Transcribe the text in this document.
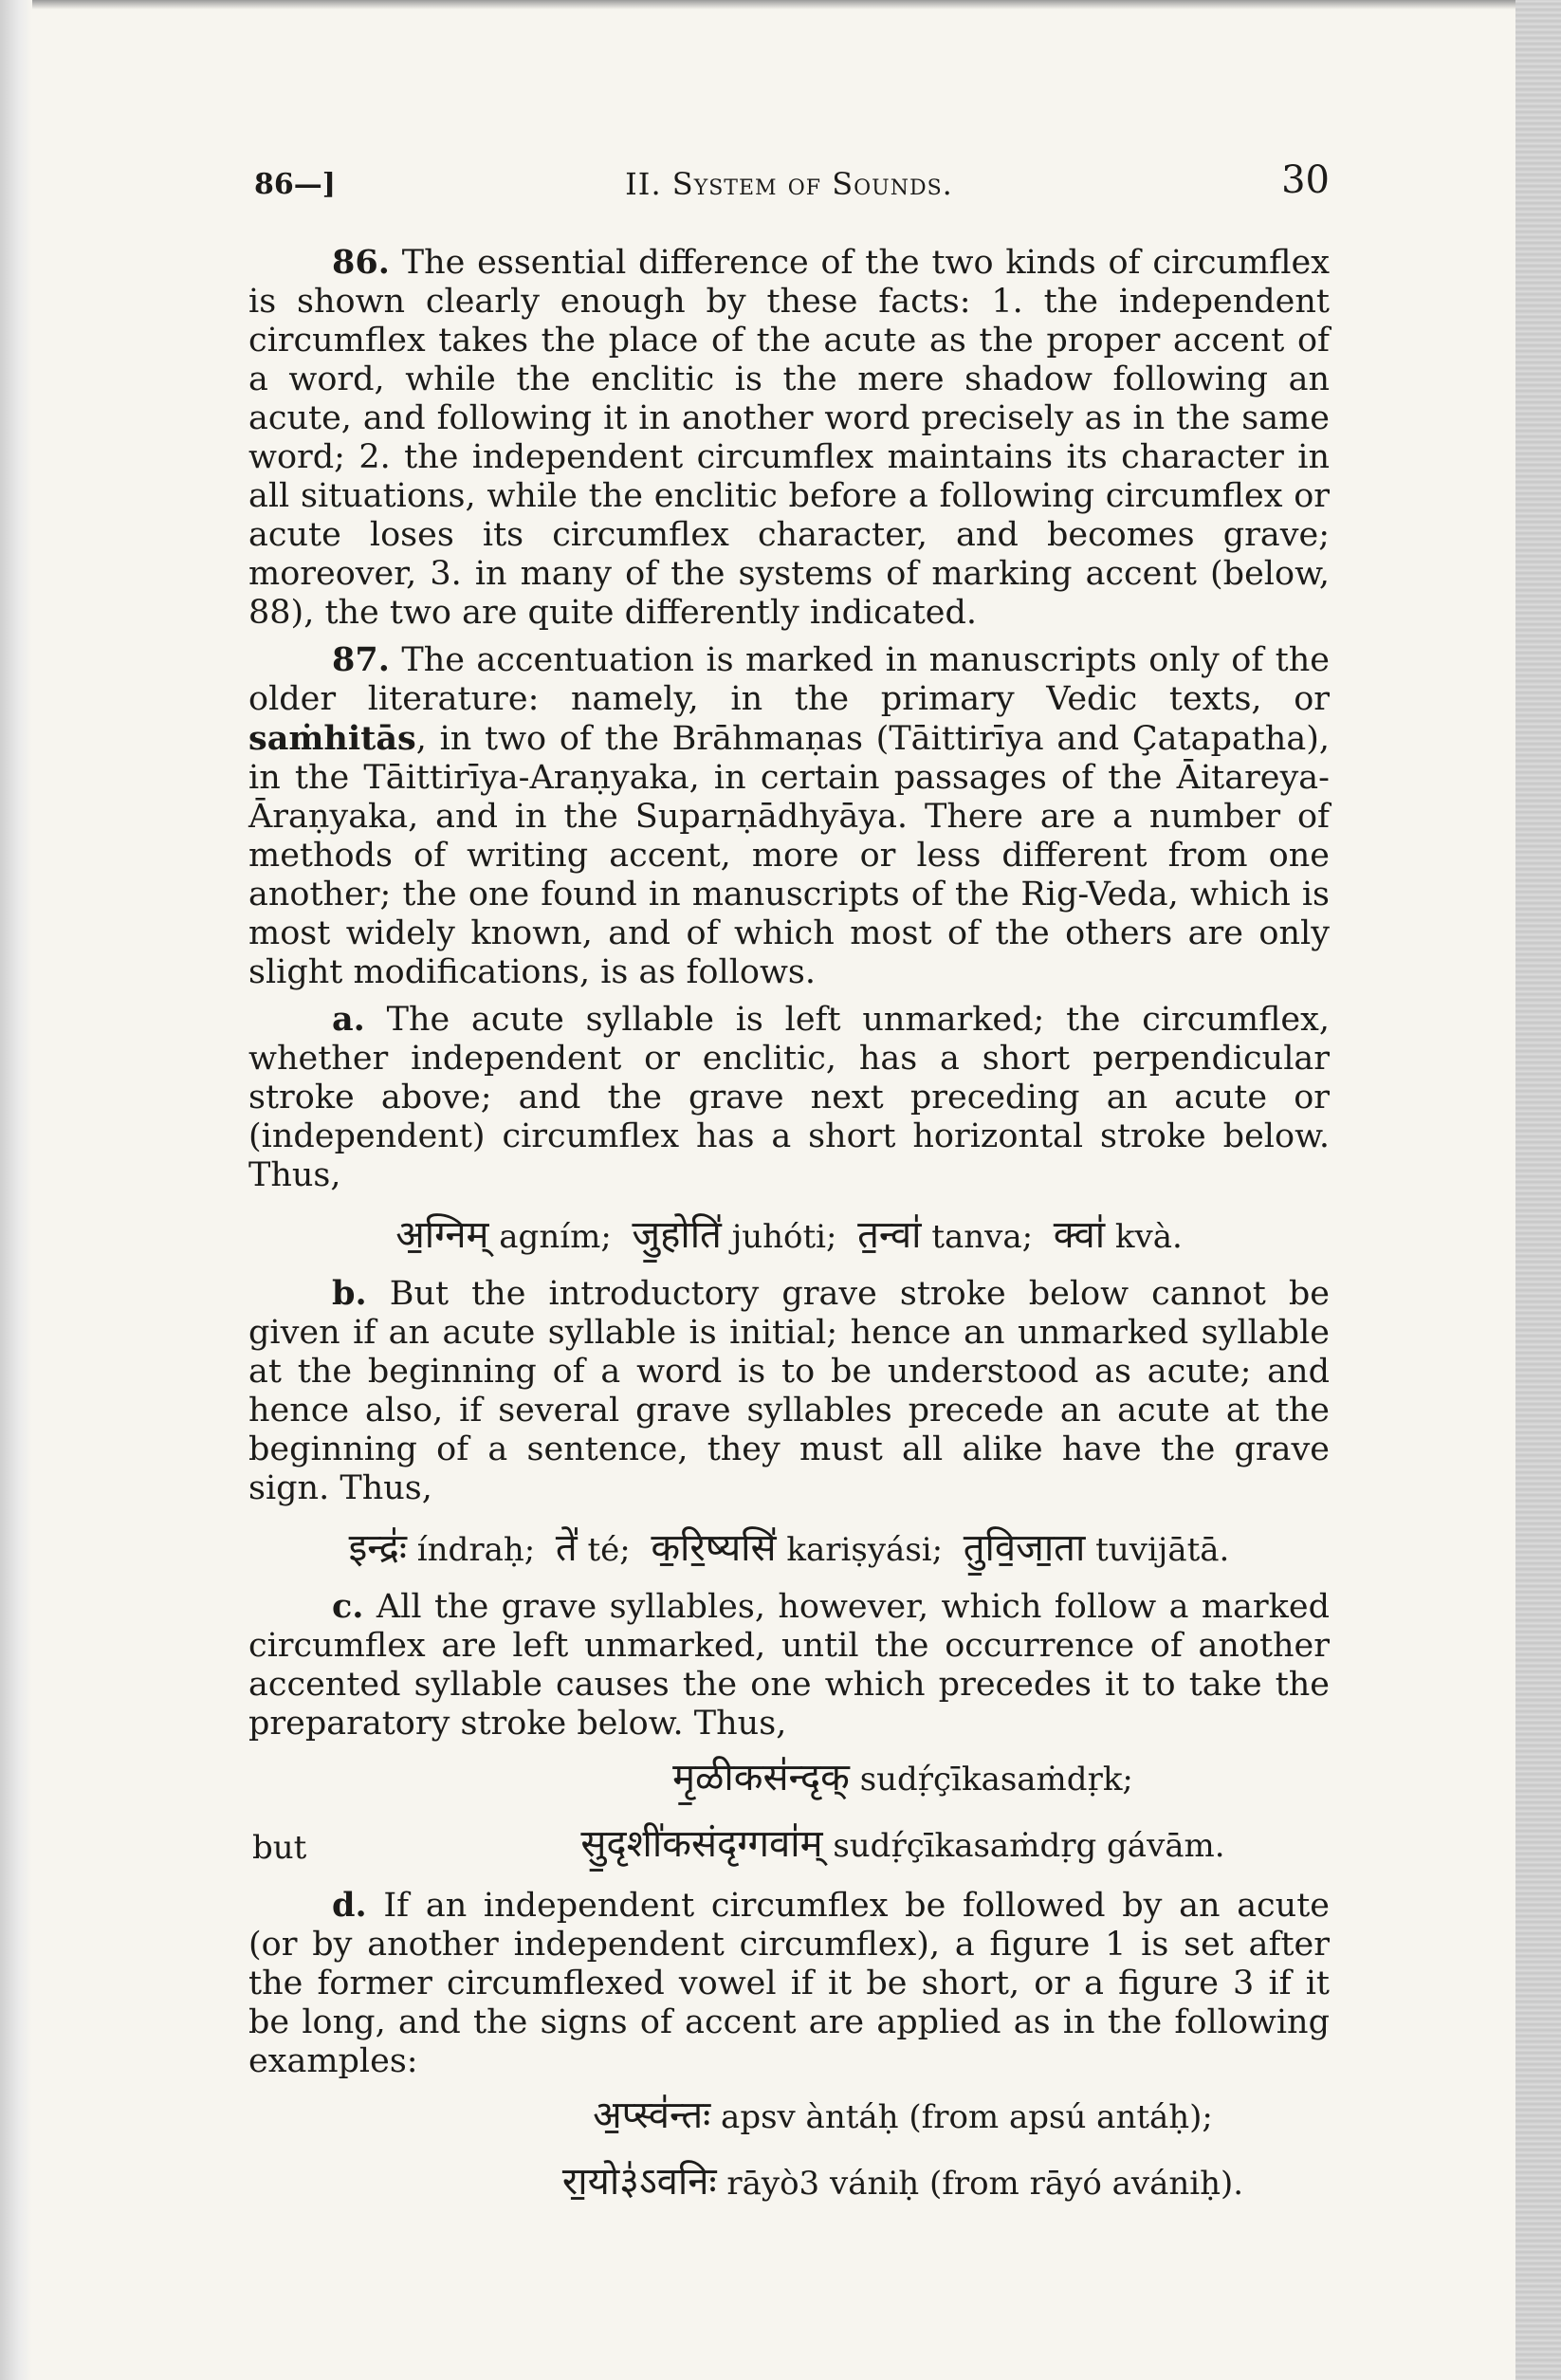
86—]	II. System of Sounds.	30

86. The essential difference of the two kinds of circumflex is shown clearly enough by these facts: 1. the independent circumflex takes the place of the acute as the proper accent of a word, while the enclitic is the mere shadow following an acute, and following it in another word precisely as in the same word; 2. the independent circumflex maintains its character in all situations, while the enclitic before a following circumflex or acute loses its circumflex character, and becomes grave; moreover, 3. in many of the systems of marking accent (below, 88), the two are quite differently indicated.

87. The accentuation is marked in manuscripts only of the older literature: namely, in the primary Vedic texts, or saṁhitās, in two of the Brāhmaṇas (Tāittirīya and Çatapatha), in the Tāittirīya-Araṇyaka, in certain passages of the Āitareya-Āraṇyaka, and in the Suparṇādhyāya. There are a number of methods of writing accent, more or less different from one another; the one found in manuscripts of the Rig-Veda, which is most widely known, and of which most of the others are only slight modifications, is as follows.

a. The acute syllable is left unmarked; the circumflex, whether independent or enclitic, has a short perpendicular stroke above; and the grave next preceding an acute or (independent) circumflex has a short horizontal stroke below. Thus,

अ॒ग्निम् agním; जु॒होति॑ juhóti; त॒न्वा॑ tanva; क्वा॑ kvà.

b. But the introductory grave stroke below cannot be given if an acute syllable is initial; hence an unmarked syllable at the beginning of a word is to be understood as acute; and hence also, if several grave syllables precede an acute at the beginning of a sentence, they must all alike have the grave sign. Thus,

इन्द्रः॑ índraḥ; ते॑ té; क॒रि॒ष्यसि॑ kariṣyási; तु॒वि॒जा॒ता tuvijātā.

c. All the grave syllables, however, which follow a marked circumflex are left unmarked, until the occurrence of another accented syllable causes the one which precedes it to take the preparatory stroke below. Thus,

मृ॒ळीकस॑न्दृक् sudṛ́çīkasaṁdṛk;
but	सु॒दृशी॑कसंदृग्गवा॑म् sudṛ́çīkasaṁdṛg gávām.

d. If an independent circumflex be followed by an acute (or by another independent circumflex), a figure 1 is set after the former circumflexed vowel if it be short, or a figure 3 if it be long, and the signs of accent are applied as in the following examples:

अ॒प्स्व॑न्तः apsv àntáḥ (from apsú antáḥ);
रा॒यो३॑ऽवनिः rāyò3 vániḥ (from rāyó avániḥ).
